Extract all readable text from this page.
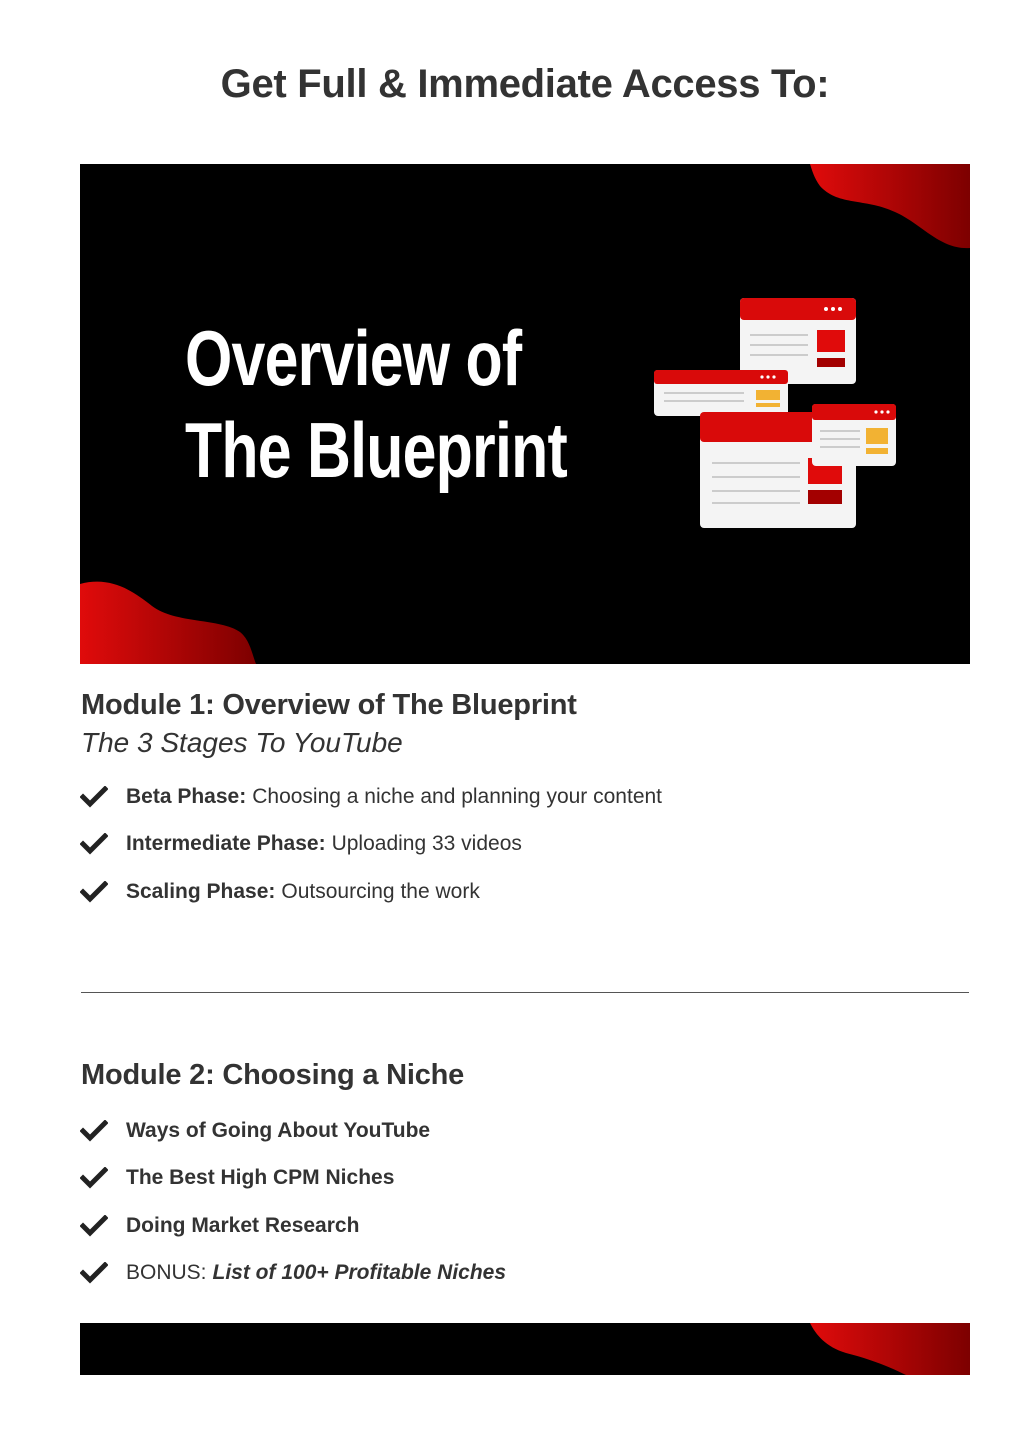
Get Full & Immediate Access To:
Overview of
The Blueprint
Module 1: Overview of The Blueprint

The 3 Stages To YouTube

Beta Phase: Choosing a niche and planning your content
Intermediate Phase: Uploading 33 videos
Scaling Phase: Outsourcing the work
Module 2: Choosing a Niche
Ways of Going About YouTube
The Best High CPM Niches
Doing Market Research
BONUS: List of 100+ Profitable Niches
